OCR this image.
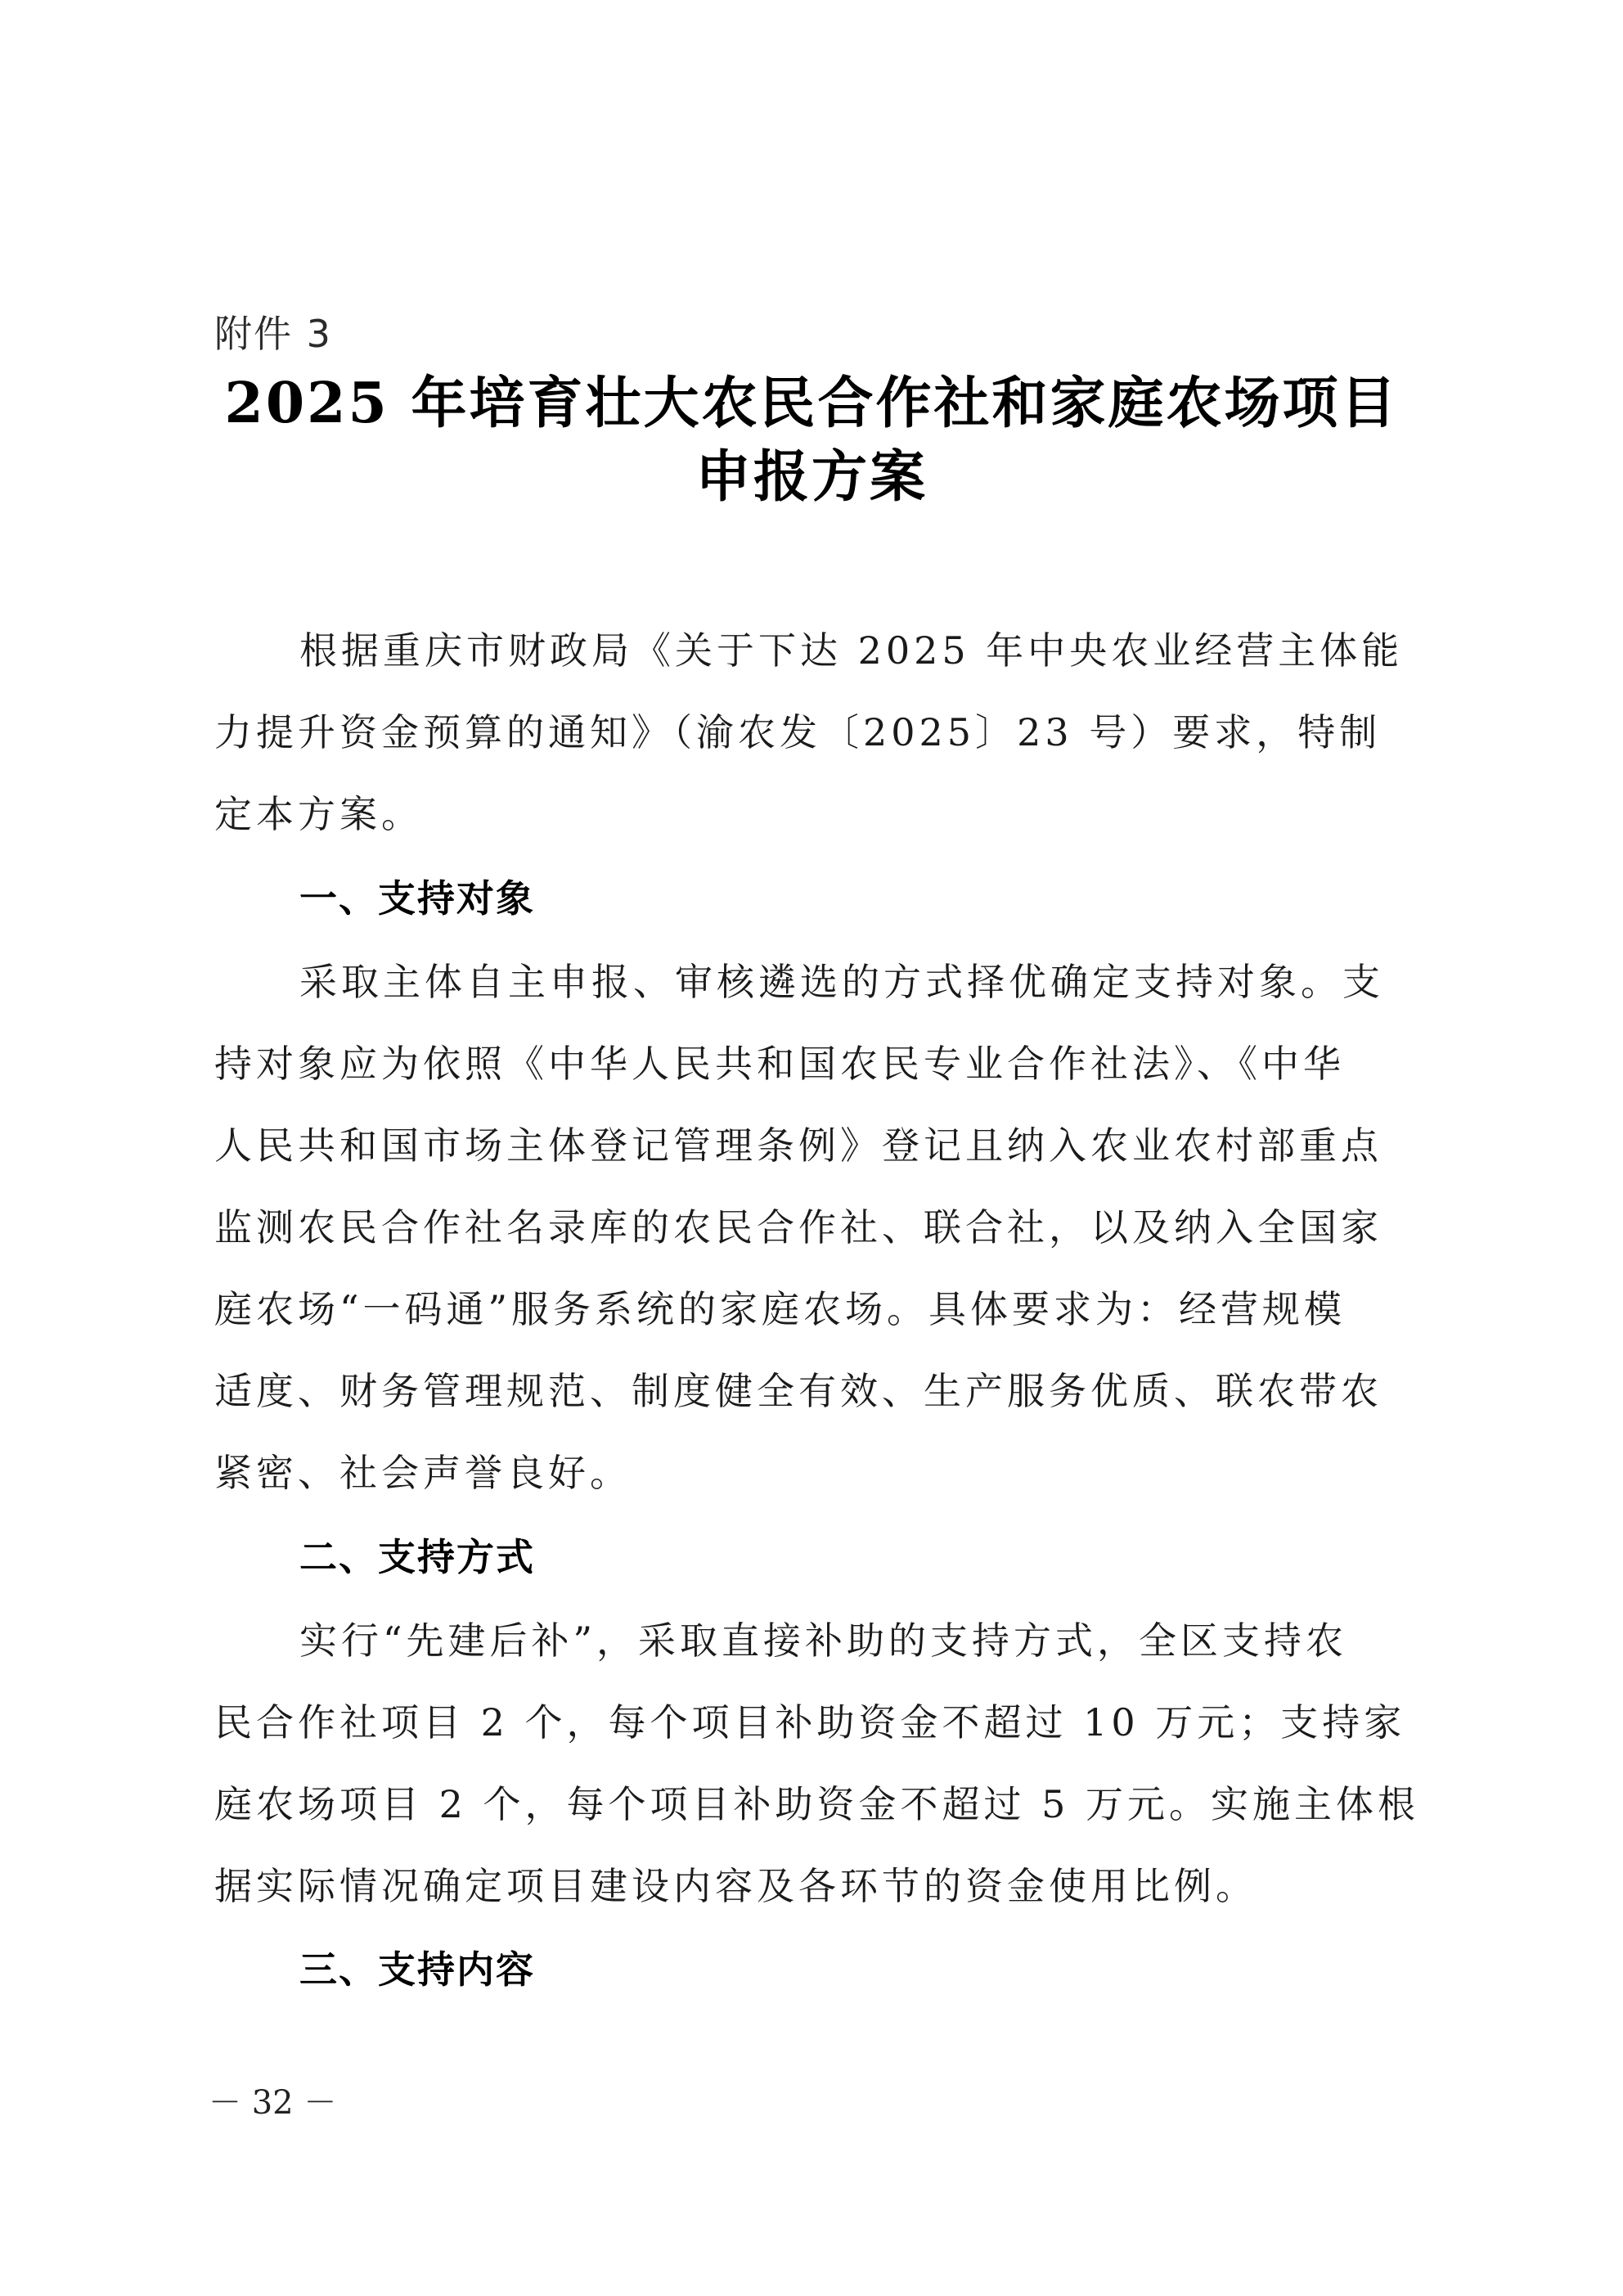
附件 3
2025 年培育壮大农民合作社和家庭农场项目
申报方案
根据重庆市财政局《关于下达 2025 年中央农业经营主体能
力提升资金预算的通知》（渝农发〔2025〕23 号）要求，特制
定本方案。
一、支持对象
采取主体自主申报、审核遴选的方式择优确定支持对象。支
持对象应为依照《中华人民共和国农民专业合作社法》、《中华
人民共和国市场主体登记管理条例》登记且纳入农业农村部重点
监测农民合作社名录库的农民合作社、联合社，以及纳入全国家
庭农场“一码通”服务系统的家庭农场。具体要求为：经营规模
适度、财务管理规范、制度健全有效、生产服务优质、联农带农
紧密、社会声誉良好。
二、支持方式
实行“先建后补”，采取直接补助的支持方式，全区支持农
民合作社项目 2 个，每个项目补助资金不超过 10 万元；支持家
庭农场项目 2 个，每个项目补助资金不超过 5 万元。实施主体根
据实际情况确定项目建设内容及各环节的资金使用比例。
三、支持内容
－ 32 －
